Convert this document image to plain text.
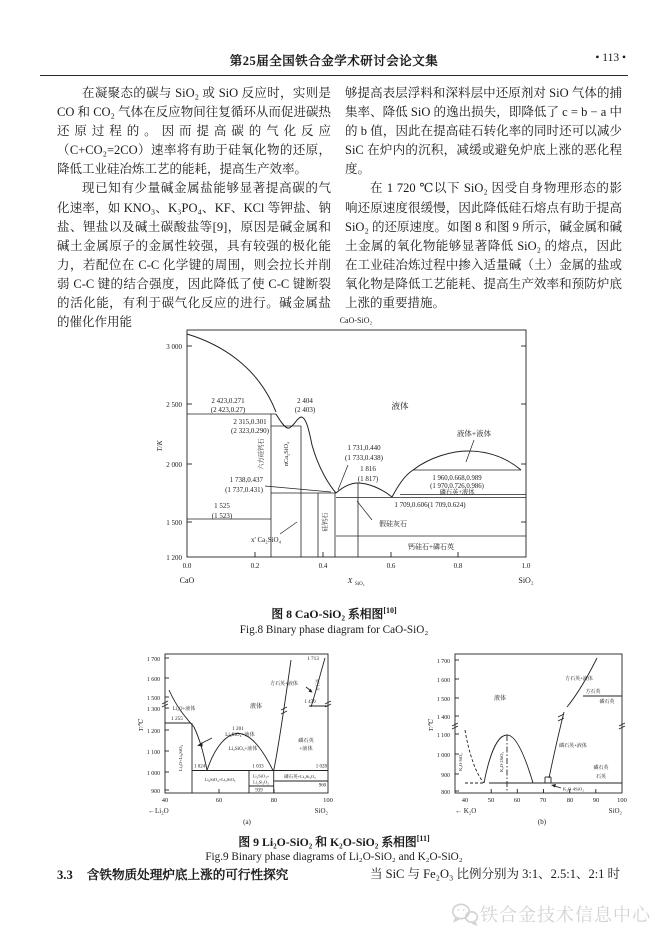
第25届全国铁合金学术研讨会论文集	• 113 •

在凝聚态的碳与 SiO₂ 或 SiO 反应时，实则是 CO 和 CO₂ 气体在反应物间往复循环从而促进碳热还原过程的。因而提高碳的气化反应（C+CO₂=2CO）速率将有助于硅氧化物的还原，降低工业硅冶炼工艺的能耗，提高生产效率。

现已知有少量碱金属盐能够显著提高碳的气化速率，如 KNO₃、K₃PO₄、KF、KCl 等钾盐、钠盐、锂盐以及碱土碳酸盐等[9]，原因是碱金属和碱土金属原子的金属性较强，具有较强的极化能力，若配位在 C-C 化学键的周围，则会拉长并削弱 C-C 键的结合强度，因此降低了使 C-C 键断裂的活化能，有利于碳气化反应的进行。碱金属盐的催化作用能

够提高表层浮料和深料层中还原剂对 SiO 气体的捕集率、降低 SiO 的逸出损失，即降低了 c = b − a 中的 b 值，因此在提高硅石转化率的同时还可以减少 SiC 在炉内的沉积，减缓或避免炉底上涨的恶化程度。

在 1 720 ℃以下 SiO₂ 因受自身物理形态的影响还原速度很缓慢，因此降低硅石熔点有助于提高 SiO₂ 的还原速度。如图 8 和图 9 所示，碱金属和碱土金属的氧化物能够显著降低 SiO₂ 的熔点，因此在工业硅冶炼过程中掺入适量碱（土）金属的盐或氧化物是降低工艺能耗、提高生产效率和预防炉底上涨的重要措施。

CaO-SiO₂
3 000
2 500
2 000
1 500
1 200
T/K
0.0	0.2	0.4	0.6	0.8	1.0
CaO	X SiO₂	SiO₂
液体
液体+液体
2 423,0.271
(2 423,0.27)
2 404
(2 403)
2 315,0.301
(2 323,0.290)
1 731,0.440
(1 733,0.438)
1 816
(1 817)
1 738,0.437
(1 737,0.431)
1 525
(1 523)
1 960,0.668,0.989
(1 970,0.726,0.986)
磷石英+液体
1 709,0.606(1 709,0.624)
假硅灰石
钙硅石+磷石英
六方硅钙石	αCa₂SiO₄
硅钙石
x' Ca₂SiO₄
图 8 CaO-SiO₂ 系相图[10]
Fig.8 Binary phase diagram for CaO-SiO₂
1 700
1 600
1 500
1 300
1 200
1 100
1 000
900
T/℃
40	60	80	100
←Li₂O	SiO₂
(a)
Li₂O+液体
1 255
Li₂O+Li₄SiO₄
Li₄SiO₄+液体
液体
1 201
Li₂SiO₃+液体
1 024	1 033	1 028
Li₄SiO₄+Li₂SiO₃
Li₂SiO₃+
Li₂Si₂O₅
939
960
磷石英+Li₂Si₂O₅
1 713
方石英+液体
1 470
方石英
磷石英
+液体
1 700
1 600
1 500
1 400
1 100
1 000
900
800
T/℃
40	50	60	70	80	90	100
← K₂O	SiO₂
(b)
液体
方石英+液体
方石英
磷石英
磷石英+液体
磷石英
石英
K₂O·SiO₂	K₂O·2SiO₂
K₂O·4SiO₂
图 9 Li₂O-SiO₂ 和 K₂O-SiO₂ 系相图[11]
Fig.9 Binary phase diagrams of Li₂O-SiO₂ and K₂O-SiO₂
3.3 含铁物质处理炉底上涨的可行性探究	当 SiC 与 Fe₂O₃ 比例分别为 3:1、2.5:1、2:1 时
铁合金技术信息中心
